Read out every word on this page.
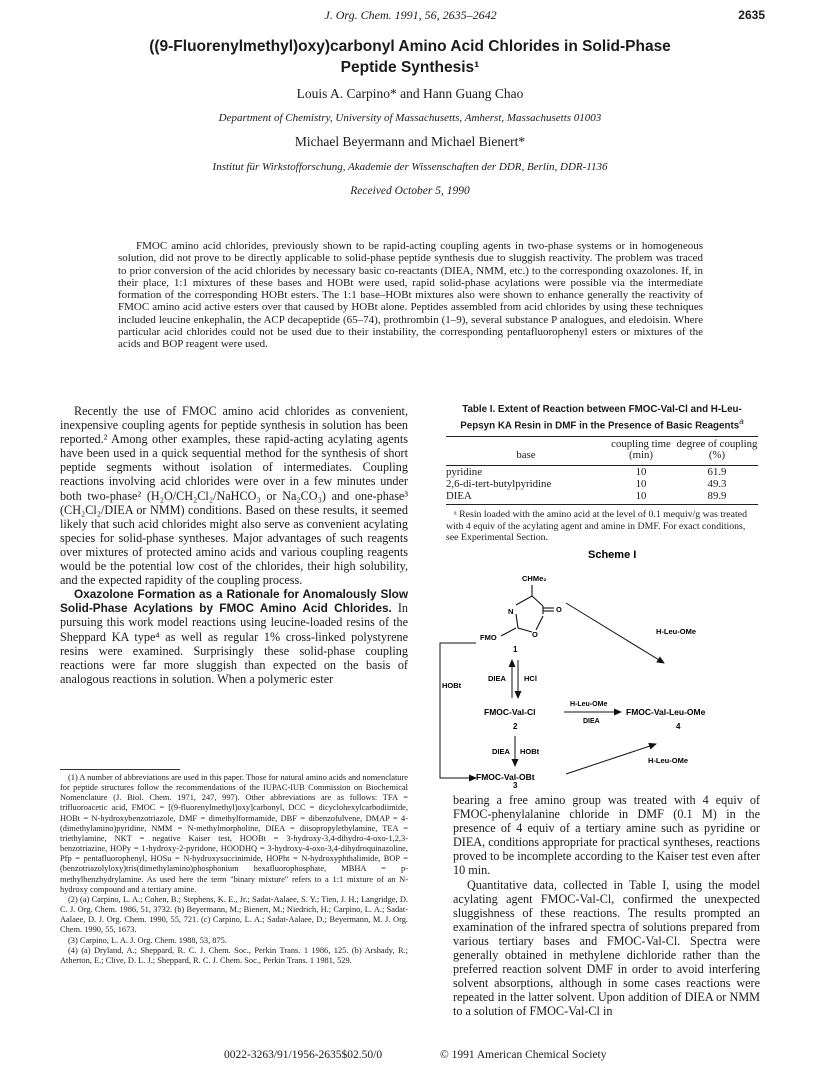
J. Org. Chem. 1991, 56, 2635–2642	2635
((9-Fluorenylmethyl)oxy)carbonyl Amino Acid Chlorides in Solid-Phase
Peptide Synthesis¹
Louis A. Carpino* and Hann Guang Chao
Department of Chemistry, University of Massachusetts, Amherst, Massachusetts 01003
Michael Beyermann and Michael Bienert*
Institut für Wirkstofforschung, Akademie der Wissenschaften der DDR, Berlin, DDR-1136
Received October 5, 1990

FMOC amino acid chlorides, previously shown to be rapid-acting coupling agents in two-phase systems or in homogeneous solution, did not prove to be directly applicable to solid-phase peptide synthesis due to sluggish reactivity. The problem was traced to prior conversion of the acid chlorides by necessary basic co-reactants (DIEA, NMM, etc.) to the corresponding oxazolones. If, in their place, 1:1 mixtures of these bases and HOBt were used, rapid solid-phase acylations were possible via the intermediate formation of the corresponding HOBt esters. The 1:1 base–HOBt mixtures also were shown to enhance generally the reactivity of FMOC amino acid active esters over that caused by HOBt alone. Peptides assembled from acid chlorides by using these techniques included leucine enkephalin, the ACP decapeptide (65–74), prothrombin (1–9), several substance P analogues, and eledoisin. Where particular acid chlorides could not be used due to their instability, the corresponding pentafluorophenyl esters or mixtures of the acids and BOP reagent were used.

Recently the use of FMOC amino acid chlorides as convenient, inexpensive coupling agents for peptide synthesis in solution has been reported.² Among other examples, these rapid-acting acylating agents have been used in a quick sequential method for the synthesis of short peptide segments without isolation of intermediates. Coupling reactions involving acid chlorides were over in a few minutes under both two-phase² (H₂O/CH₂Cl₂/NaHCO₃ or Na₂CO₃) and one-phase³ (CH₂Cl₂/DIEA or NMM) conditions. Based on these results, it seemed likely that such acid chlorides might also serve as convenient acylating species for solid-phase syntheses. Major advantages of such reagents over mixtures of protected amino acids and various coupling reagents would be the potential low cost of the chlorides, their high solubility, and the expected rapidity of the coupling process.

Oxazolone Formation as a Rationale for Anomalously Slow Solid-Phase Acylations by FMOC Amino Acid Chlorides. In pursuing this work model reactions using leucine-loaded resins of the Sheppard KA type⁴ as well as regular 1% cross-linked polystyrene resins were examined. Surprisingly these solid-phase coupling reactions were far more sluggish than expected on the basis of analogous reactions in solution. When a polymeric ester

(1) A number of abbreviations are used in this paper. Those for natural amino acids and nomenclature for peptide structures follow the recommendations of the IUPAC-IUB Commission on Biochemical Nomenclature (J. Biol. Chem. 1971, 247, 997). Other abbreviations are as follows: TFA = trifluoroacetic acid, FMOC = [(9-fluorenylmethyl)oxy]carbonyl, DCC = dicyclohexylcarbodiimide, HOBt = N-hydroxybenzotriazole, DMF = dimethylformamide, DBF = dibenzofulvene, DMAP = 4-(dimethylamino)pyridine, NMM = N-methylmorpholine, DIEA = diisopropylethylamine, TEA = triethylamine, NKT = negative Kaiser test, HOOBt = 3-hydroxy-3,4-dihydro-4-oxo-1,2,3-benzotriazine, HOPy = 1-hydroxy-2-pyridone, HOODHQ = 3-hydroxy-4-oxo-3,4-dihydroquinazoline, Pfp = pentafluorophenyl, HOSu = N-hydroxysuccinimide, HOPht = N-hydroxyphthalimide, BOP = (benzotriazolyloxy)tris(dimethylamino)phosphonium hexafluorophosphate, MBHA = p-methylbenzhydrylamine. As used here the term "binary mixture" refers to a 1:1 mixture of an N-hydroxy compound and a tertiary amine.

(2) (a) Carpino, L. A.; Cohen, B.; Stephens, K. E., Jr.; Sadat-Aalaee, S. Y.; Tien, J. H.; Langridge, D. C. J. Org. Chem. 1986, 51, 3732. (b) Beyermann, M.; Bienert, M.; Niedrich, H.; Carpino, L. A.; Sadat-Aalaee, D. J. Org. Chem. 1990, 55, 721. (c) Carpino, L. A.; Sadat-Aalaee, D.; Beyermann, M. J. Org. Chem. 1990, 55, 1673.

(3) Carpino, L. A. J. Org. Chem. 1988, 53, 875.

(4) (a) Dryland, A.; Sheppard, R. C. J. Chem. Soc., Perkin Trans. 1 1986, 125. (b) Arshady, R.; Atherton, E.; Clive, D. L. J.; Sheppard, R. C. J. Chem. Soc., Perkin Trans. 1 1981, 529.

Table I. Extent of Reaction between FMOC-Val-Cl and H-Leu-Pepsyn KA Resin in DMF in the Presence of Basic Reagents$^a$
base	coupling time (min)	degree of coupling (%)
pyridine	10	61.9
2,6-di-tert-butylpyridine	10	49.3
DIEA	10	89.9
ᵃ Resin loaded with the amino acid at the level of 0.1 mequiv/g was treated with 4 equiv of the acylating agent and amine in DMF. For exact conditions, see Experimental Section.
Scheme I
CHMe₂
N
O
O
FMO
1
H-Leu-OMe
DIEA HCl
HOBt
FMOC-Val-Cl
H-Leu-OMe
DIEA
FMOC-Val-Leu-OMe
4
2
DIEA HOBt
H-Leu-OMe
FMOC-Val-OBt
3

bearing a free amino group was treated with 4 equiv of FMOC-phenylalanine chloride in DMF (0.1 M) in the presence of 4 equiv of a tertiary amine such as pyridine or DIEA, conditions appropriate for practical syntheses, reactions proved to be incomplete according to the Kaiser test even after 10 min.

Quantitative data, collected in Table I, using the model acylating agent FMOC-Val-Cl, confirmed the unexpected sluggishness of these reactions. The results prompted an examination of the infrared spectra of solutions prepared from various tertiary bases and FMOC-Val-Cl. Spectra were generally obtained in methylene dichloride rather than the preferred reaction solvent DMF in order to avoid interfering solvent absorptions, although in some cases reactions were repeated in the latter solvent. Upon addition of DIEA or NMM to a solution of FMOC-Val-Cl in

0022-3263/91/1956-2635$02.50/0	© 1991 American Chemical Society
